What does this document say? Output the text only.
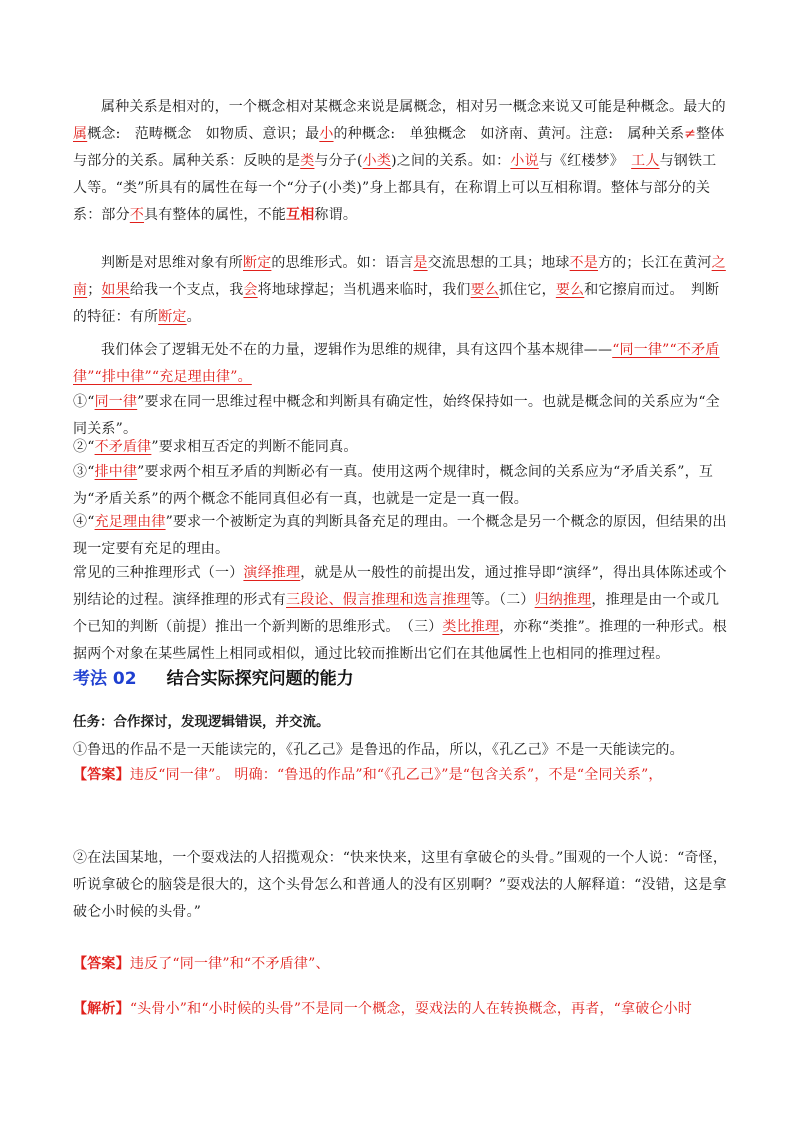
属种关系是相对的，一个概念相对某概念来说是属概念，相对另一概念来说又可能是种概念。最大的属概念:　范畴概念　如物质、意识；最小的种概念:　单独概念　如济南、黄河。注意:　属种关系≠整体与部分的关系。属种关系：反映的是类与分子(小类)之间的关系。如：小说与《红楼梦》　工人与钢铁工人等。“类”所具有的属性在每一个“分子(小类)”身上都具有，在称谓上可以互相称谓。整体与部分的关系：部分不具有整体的属性，不能互相称谓。

判断是对思维对象有所断定的思维形式。如：语言是交流思想的工具；地球不是方的；长江在黄河之南；如果给我一个支点，我会将地球撑起；当机遇来临时，我们要么抓住它，要么和它擦肩而过。　判断的特征：有所断定。

我们体会了逻辑无处不在的力量，逻辑作为思维的规律，具有这四个基本规律——“同一律”“不矛盾律”“排中律”“充足理由律”。

①“同一律”要求在同一思维过程中概念和判断具有确定性，始终保持如一。也就是概念间的关系应为“全同关系”。

②“不矛盾律”要求相互否定的判断不能同真。

③“排中律”要求两个相互矛盾的判断必有一真。使用这两个规律时，概念间的关系应为“矛盾关系”，互为“矛盾关系”的两个概念不能同真但必有一真，也就是一定是一真一假。

④“充足理由律”要求一个被断定为真的判断具备充足的理由。一个概念是另一个概念的原因，但结果的出现一定要有充足的理由。

常见的三种推理形式（一）演绎推理，就是从一般性的前提出发，通过推导即“演绎”，得出具体陈述或个别结论的过程。演绎推理的形式有三段论、假言推理和选言推理等。（二）归纳推理，推理是由一个或几个已知的判断（前提）推出一个新判断的思维形式。　（三）类比推理，亦称“类推”。推理的一种形式。根据两个对象在某些属性上相同或相似，通过比较而推断出它们在其他属性上也相同的推理过程。

考法 02 结合实际探究问题的能力
任务：合作探讨，发现逻辑错误，并交流。

①鲁迅的作品不是一天能读完的，《孔乙己》是鲁迅的作品，所以，《孔乙己》不是一天能读完的。

【答案】违反“同一律”。 明确：“鲁迅的作品”和“《孔乙己》”是“包含关系”，不是“全同关系”，

②在法国某地，一个耍戏法的人招揽观众：“快来快来，这里有拿破仑的头骨。”围观的一个人说：“奇怪，听说拿破仑的脑袋是很大的，这个头骨怎么和普通人的没有区别啊？”耍戏法的人解释道：“没错，这是拿破仑小时候的头骨。”

【答案】违反了“同一律”和“不矛盾律”、

【解析】“头骨小”和“小时候的头骨”不是同一个概念，耍戏法的人在转换概念，再者，“拿破仑小时
